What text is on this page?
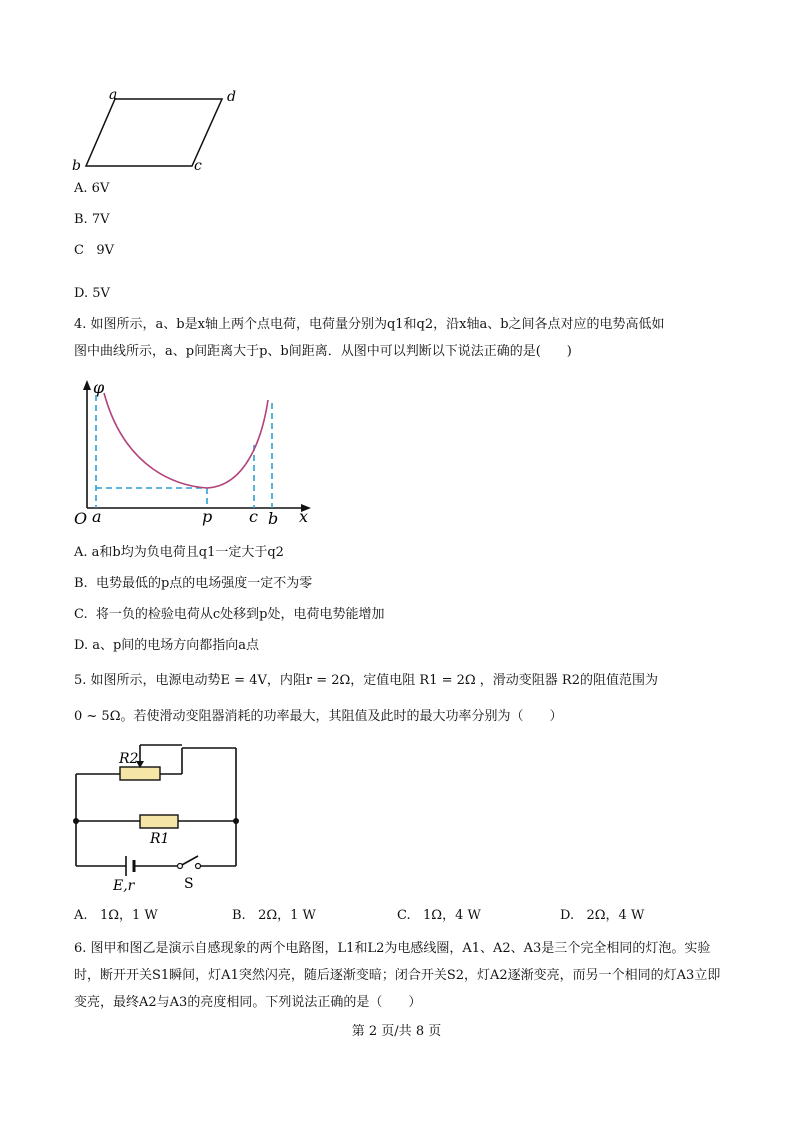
a	d
b	c
A. 6V
B. 7V
C 9V
D. 5V
4. 如图所示，a、b是x轴上两个点电荷，电荷量分别为q1和q2，沿x轴a、b之间各点对应的电势高低如
图中曲线所示，a、p间距离大于p、b间距离．从图中可以判断以下说法正确的是(　　)
φ
O	x
a	p c b
A. a和b均为负电荷且q1一定大于q2
B. 电势最低的p点的电场强度一定不为零
C. 将一负的检验电荷从c处移到p处，电荷电势能增加
D. a、p间的电场方向都指向a点
5. 如图所示，电源电动势E = 4V，内阻r = 2Ω，定值电阻 R1 = 2Ω ，滑动变阻器 R2的阻值范围为
0 ~ 5Ω。若使滑动变阻器消耗的功率最大，其阻值及此时的最大功率分别为（　　）
R2
R1
E,r	S
A. 1Ω，1 W	B. 2Ω，1 W	C. 1Ω，4 W	D. 2Ω，4 W
6. 图甲和图乙是演示自感现象的两个电路图，L1和L2为电感线圈，A1、A2、A3是三个完全相同的灯泡。实验时，断开开关S1瞬间，灯A1突然闪亮，随后逐渐变暗；闭合开关S2，灯A2逐渐变亮，而另一个相同的灯A3立即变亮，最终A2与A3的亮度相同。下列说法正确的是（　　）
第 2 页/共 8 页
